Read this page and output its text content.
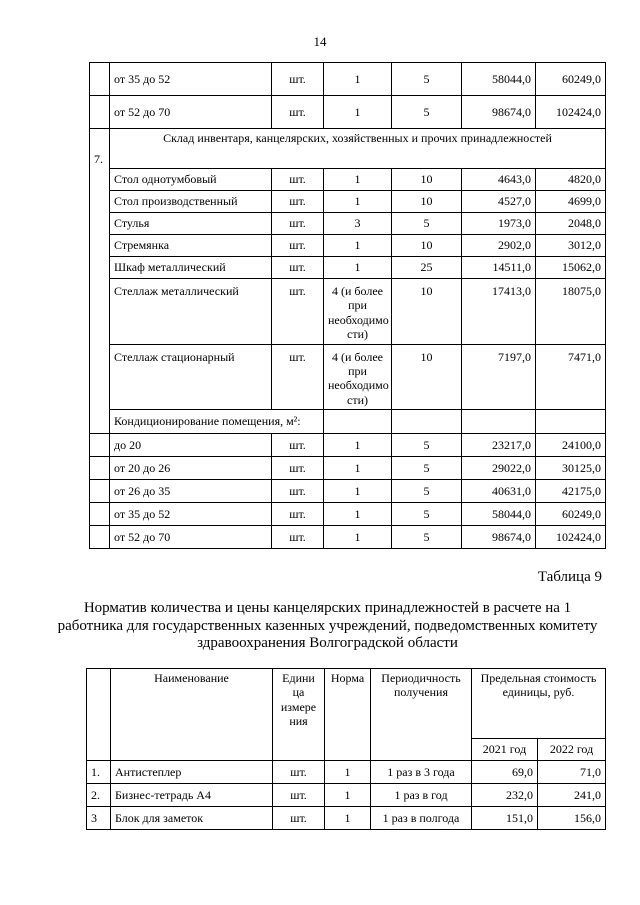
14
	от 35 до 52	шт.	1	5	58044,0	60249,0
	от 52 до 70	шт.	1	5	98674,0	102424,0
7.	Склад инвентаря, канцелярских, хозяйственных и прочих принадлежностей					
	Стол однотумбовый	шт.	1	10	4643,0	4820,0
	Стол производственный	шт.	1	10	4527,0	4699,0
	Стулья	шт.	3	5	1973,0	2048,0
	Стремянка	шт.	1	10	2902,0	3012,0
	Шкаф металлический	шт.	1	25	14511,0	15062,0
	Стеллаж металлический	шт.	4 (и более при необходимо сти)	10	17413,0	18075,0
	Стеллаж стационарный	шт.	4 (и более при необходимо сти)	10	7197,0	7471,0
	Кондиционирование помещения, м²:					
	до 20	шт.	1	5	23217,0	24100,0
	от 20 до 26	шт.	1	5	29022,0	30125,0
	от 26 до 35	шт.	1	5	40631,0	42175,0
	от 35 до 52	шт.	1	5	58044,0	60249,0
	от 52 до 70	шт.	1	5	98674,0	102424,0
Таблица 9
Норматив количества и цены канцелярских принадлежностей в расчете на 1 работника для государственных казенных учреждений, подведомственных комитету здравоохранения Волгоградской области
	Наименование	Едини ца измере ния	Норма	Периодичность получения	Предельная стоимость единицы, руб.	
					2021 год	2022 год
1.	Антистеплер	шт.	1	1 раз в 3 года	69,0	71,0
2.	Бизнес-тетрадь А4	шт.	1	1 раз в год	232,0	241,0
3	Блок для заметок	шт.	1	1 раз в полгода	151,0	156,0
